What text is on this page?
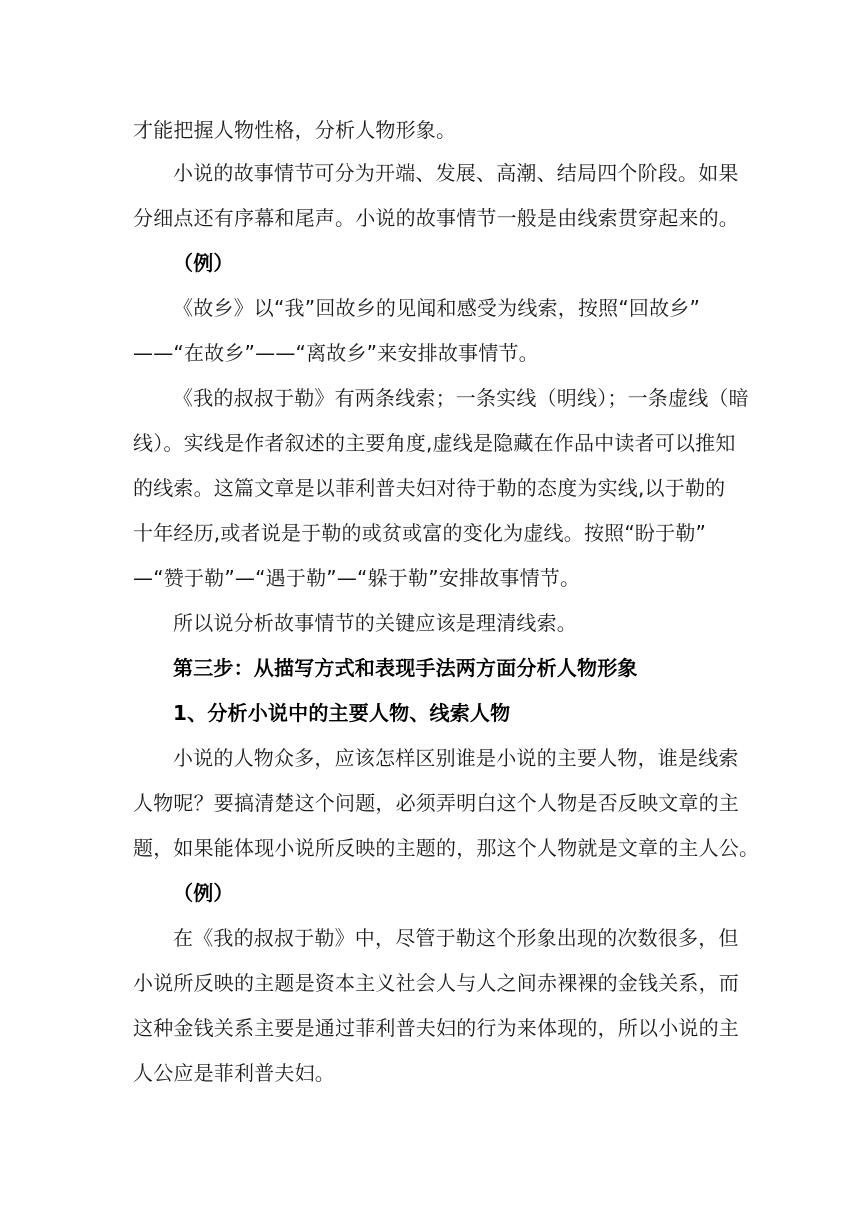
才能把握人物性格，分析人物形象。
小说的故事情节可分为开端、发展、高潮、结局四个阶段。如果
分细点还有序幕和尾声。小说的故事情节一般是由线索贯穿起来的。
（例）
《故乡》以“我”回故乡的见闻和感受为线索，按照“回故乡”
——“在故乡”——“离故乡”来安排故事情节。
《我的叔叔于勒》有两条线索；一条实线（明线）；一条虚线（暗
线）。实线是作者叙述的主要角度,虚线是隐藏在作品中读者可以推知
的线索。这篇文章是以菲利普夫妇对待于勒的态度为实线,以于勒的
十年经历,或者说是于勒的或贫或富的变化为虚线。按照“盼于勒”
—“赞于勒”—“遇于勒”—“躲于勒”安排故事情节。
所以说分析故事情节的关键应该是理清线索。
第三步：从描写方式和表现手法两方面分析人物形象
1、分析小说中的主要人物、线索人物
小说的人物众多，应该怎样区别谁是小说的主要人物，谁是线索
人物呢？要搞清楚这个问题，必须弄明白这个人物是否反映文章的主
题，如果能体现小说所反映的主题的，那这个人物就是文章的主人公。
（例）
在《我的叔叔于勒》中，尽管于勒这个形象出现的次数很多，但
小说所反映的主题是资本主义社会人与人之间赤裸裸的金钱关系，而
这种金钱关系主要是通过菲利普夫妇的行为来体现的，所以小说的主
人公应是菲利普夫妇。
